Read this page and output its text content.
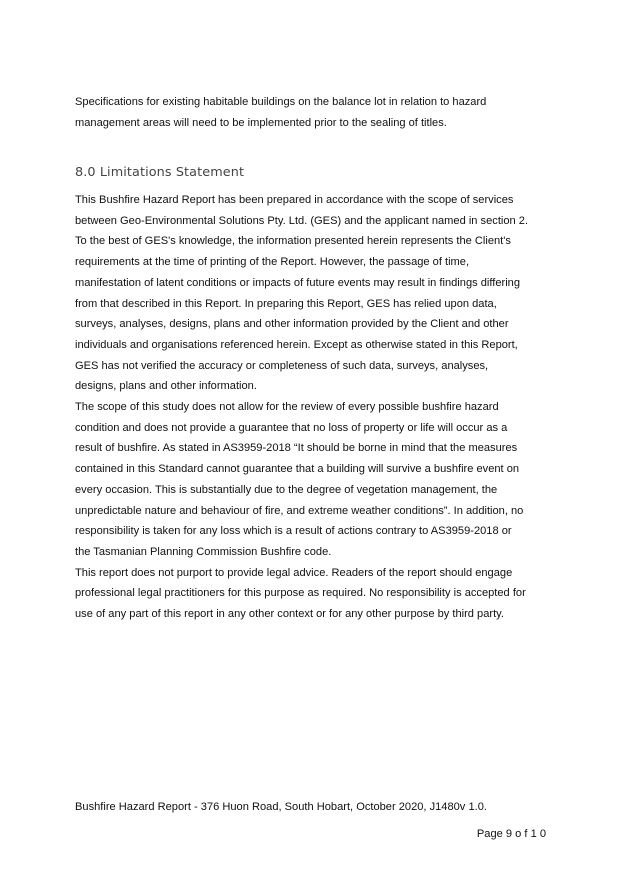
Specifications for existing habitable buildings on the balance lot in relation to hazard
management areas will need to be implemented prior to the sealing of titles.

8.0 Limitations Statement

This Bushfire Hazard Report has been prepared in accordance with the scope of services
between Geo-Environmental Solutions Pty. Ltd. (GES) and the applicant named in section 2.
To the best of GES's knowledge, the information presented herein represents the Client's
requirements at the time of printing of the Report. However, the passage of time,
manifestation of latent conditions or impacts of future events may result in findings differing
from that described in this Report. In preparing this Report, GES has relied upon data,
surveys, analyses, designs, plans and other information provided by the Client and other
individuals and organisations referenced herein. Except as otherwise stated in this Report,
GES has not verified the accuracy or completeness of such data, surveys, analyses,
designs, plans and other information.
The scope of this study does not allow for the review of every possible bushfire hazard
condition and does not provide a guarantee that no loss of property or life will occur as a
result of bushfire. As stated in AS3959-2018 “It should be borne in mind that the measures
contained in this Standard cannot guarantee that a building will survive a bushfire event on
every occasion. This is substantially due to the degree of vegetation management, the
unpredictable nature and behaviour of fire, and extreme weather conditions”. In addition, no
responsibility is taken for any loss which is a result of actions contrary to AS3959-2018 or
the Tasmanian Planning Commission Bushfire code.
This report does not purport to provide legal advice. Readers of the report should engage
professional legal practitioners for this purpose as required. No responsibility is accepted for
use of any part of this report in any other context or for any other purpose by third party.

Bushfire Hazard Report - 376 Huon Road, South Hobart, October 2020, J1480v 1.0.
Page 9 o f 1 0
